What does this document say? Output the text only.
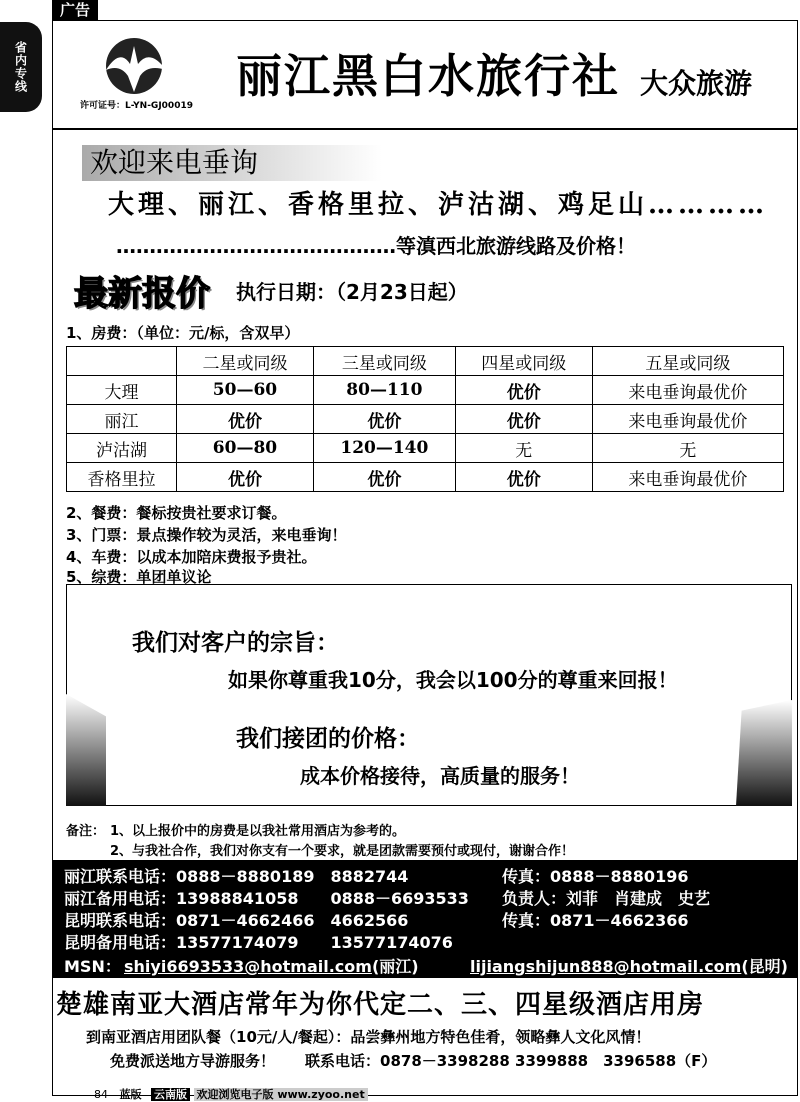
广告
省内专线
许可证号：L-YN-GJ00019
丽江黑白水旅行社 大众旅游
欢迎来电垂询
大理、丽江、香格里拉、泸沽湖、鸡足山…………
……………………………………等滇西北旅游线路及价格！
最新报价 执行日期：（2月23日起）
1、房费：（单位：元/标，含双早）
	二星或同级	三星或同级	四星或同级	五星或同级
大理	50—60	80—110	优价	来电垂询最优价
丽江	优价	优价	优价	来电垂询最优价
泸沽湖	60—80	120—140	无	无
香格里拉	优价	优价	优价	来电垂询最优价
2、餐费：餐标按贵社要求订餐。
3、门票：景点操作较为灵活，来电垂询！
4、车费：以成本加陪床费报予贵社。
5、综费：单团单议论
我们对客户的宗旨：
如果你尊重我10分，我会以100分的尊重来回报！
我们接团的价格：
成本价格接待，高质量的服务！
备注： 1、以上报价中的房费是以我社常用酒店为参考的。
2、与我社合作，我们对你支有一个要求，就是团款需要预付或现付，谢谢合作！
丽江联系电话：0888－8880189　8882744	传真：0888－8880196
丽江备用电话：13988841058　　0888－6693533 负责人：刘菲　肖建成　史艺
昆明联系电话：0871－4662466　4662566	传真：0871－4662366
昆明备用电话：13577174079　　13577174076
MSN： shiyi6693533@hotmail.com(丽江)	lijiangshijun888@hotmail.com(昆明)
楚雄南亚大酒店常年为你代定二、三、四星级酒店用房
到南亚酒店用团队餐（10元/人/餐起）：品尝彝州地方特色佳肴，领略彝人文化风情！
免费派送地方导游服务！　　联系电话：0878－3398288 3399888　3396588（F）
84 蓝版 云南版 欢迎浏览电子版 www.zyoo.net
